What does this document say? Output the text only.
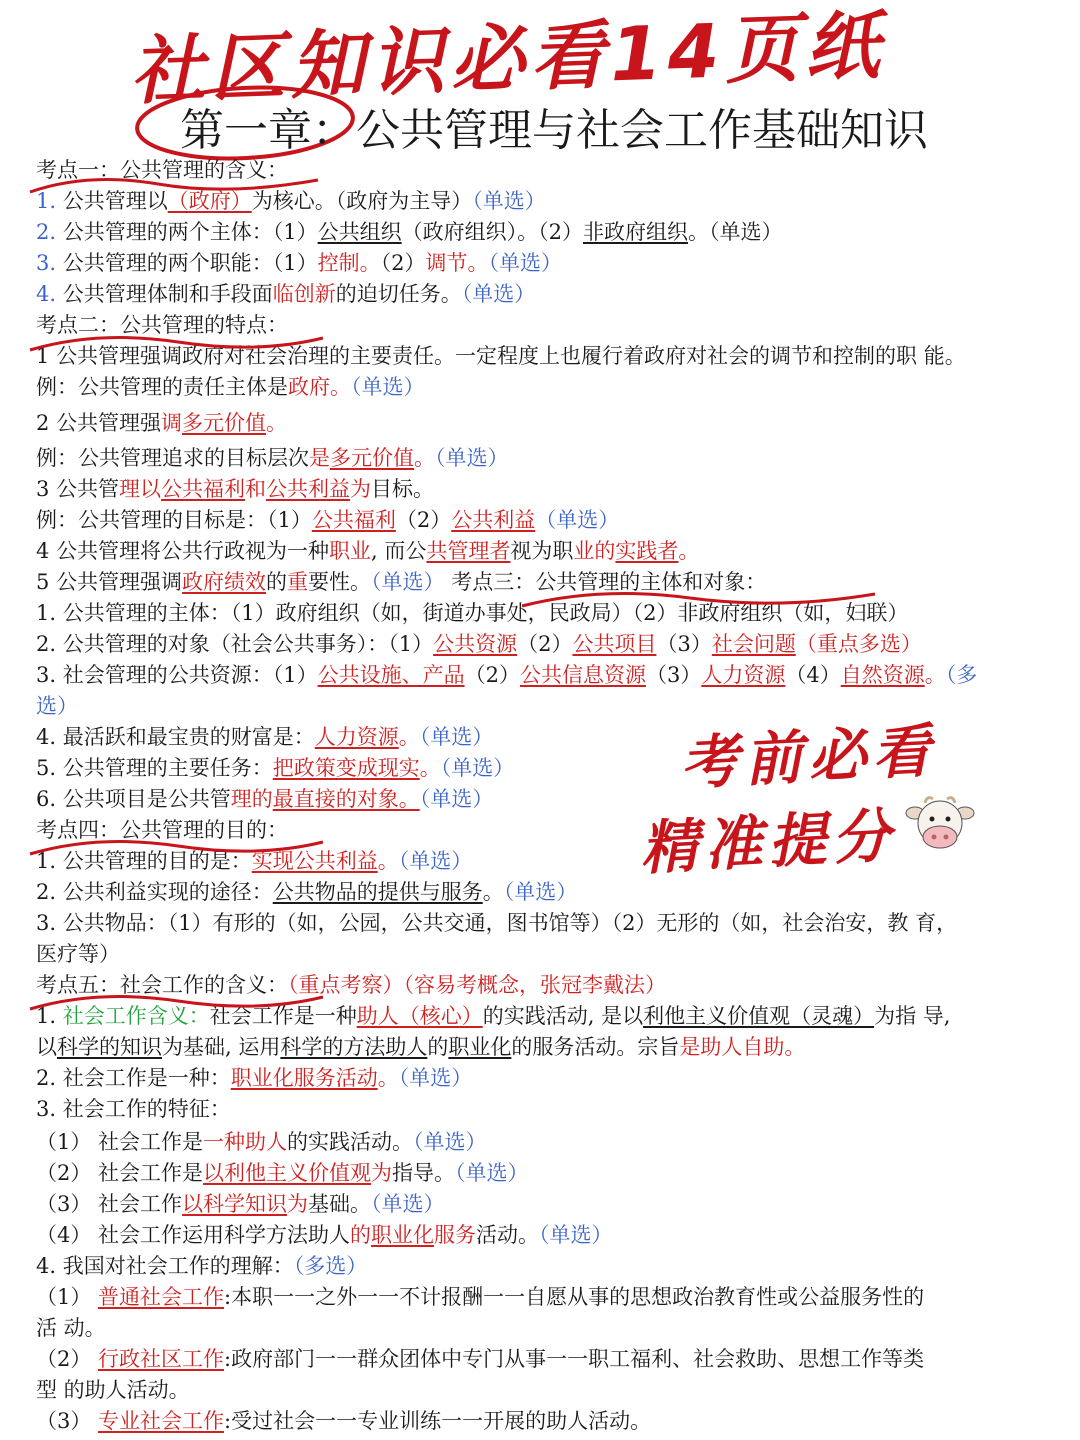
社区知识必看14页纸
第一章：公共管理与社会工作基础知识
考点一：公共管理的含义：
1. 公共管理以（政府）为核心。（政府为主导）（单选）
2. 公共管理的两个主体：（1）公共组织（政府组织）。（2）非政府组织。（单选）
3. 公共管理的两个职能：（1）控制。（2）调节。（单选）
4. 公共管理体制和手段面临创新的迫切任务。（单选）
考点二：公共管理的特点：
1 公共管理强调政府对社会治理的主要责任。一定程度上也履行着政府对社会的调节和控制的职 能。
例：公共管理的责任主体是政府。（单选）
2 公共管理强调多元价值。
例：公共管理追求的目标层次是多元价值。（单选）
3 公共管理以公共福利和公共利益为目标。
例：公共管理的目标是：（1）公共福利（2）公共利益（单选）
4 公共管理将公共行政视为一种职业, 而公共管理者视为职业的实践者。
5 公共管理强调政府绩效的重要性。（单选） 考点三：公共管理的主体和对象：
1. 公共管理的主体：（1）政府组织（如，街道办事处，民政局）（2）非政府组织（如，妇联）
2. 公共管理的对象（社会公共事务）：（1）公共资源（2）公共项目（3）社会问题（重点多选）
3. 社会管理的公共资源：（1）公共设施、产品（2）公共信息资源（3）人力资源（4）自然资源。（多
选）
4. 最活跃和最宝贵的财富是：人力资源。（单选）
5. 公共管理的主要任务：把政策变成现实。（单选）
6. 公共项目是公共管理的最直接的对象。（单选）
考点四：公共管理的目的：
1. 公共管理的目的是：实现公共利益。（单选）
2. 公共利益实现的途径：公共物品的提供与服务。（单选）
3. 公共物品：（1）有形的（如，公园，公共交通，图书馆等）（2）无形的（如，社会治安，教 育，
医疗等）
考点五：社会工作的含义：（重点考察）（容易考概念，张冠李戴法）
1. 社会工作含义：社会工作是一种助人（核心）的实践活动, 是以利他主义价值观（灵魂）为指 导,
以科学的知识为基础, 运用科学的方法助人的职业化的服务活动。宗旨是助人自助。
2. 社会工作是一种：职业化服务活动。（单选）
3. 社会工作的特征：
（1） 社会工作是一种助人的实践活动。（单选）
（2） 社会工作是以利他主义价值观为指导。（单选）
（3） 社会工作以科学知识为基础。（单选）
（4） 社会工作运用科学方法助人的职业化服务活动。（单选）
4. 我国对社会工作的理解：（多选）
（1） 普通社会工作:本职一一之外一一不计报酬一一自愿从事的思想政治教育性或公益服务性的
活 动。
（2） 行政社区工作:政府部门一一群众团体中专门从事一一职工福利、社会救助、思想工作等类
型 的助人活动。
（3） 专业社会工作:受过社会一一专业训练一一开展的助人活动。
考前必看
精准提分
